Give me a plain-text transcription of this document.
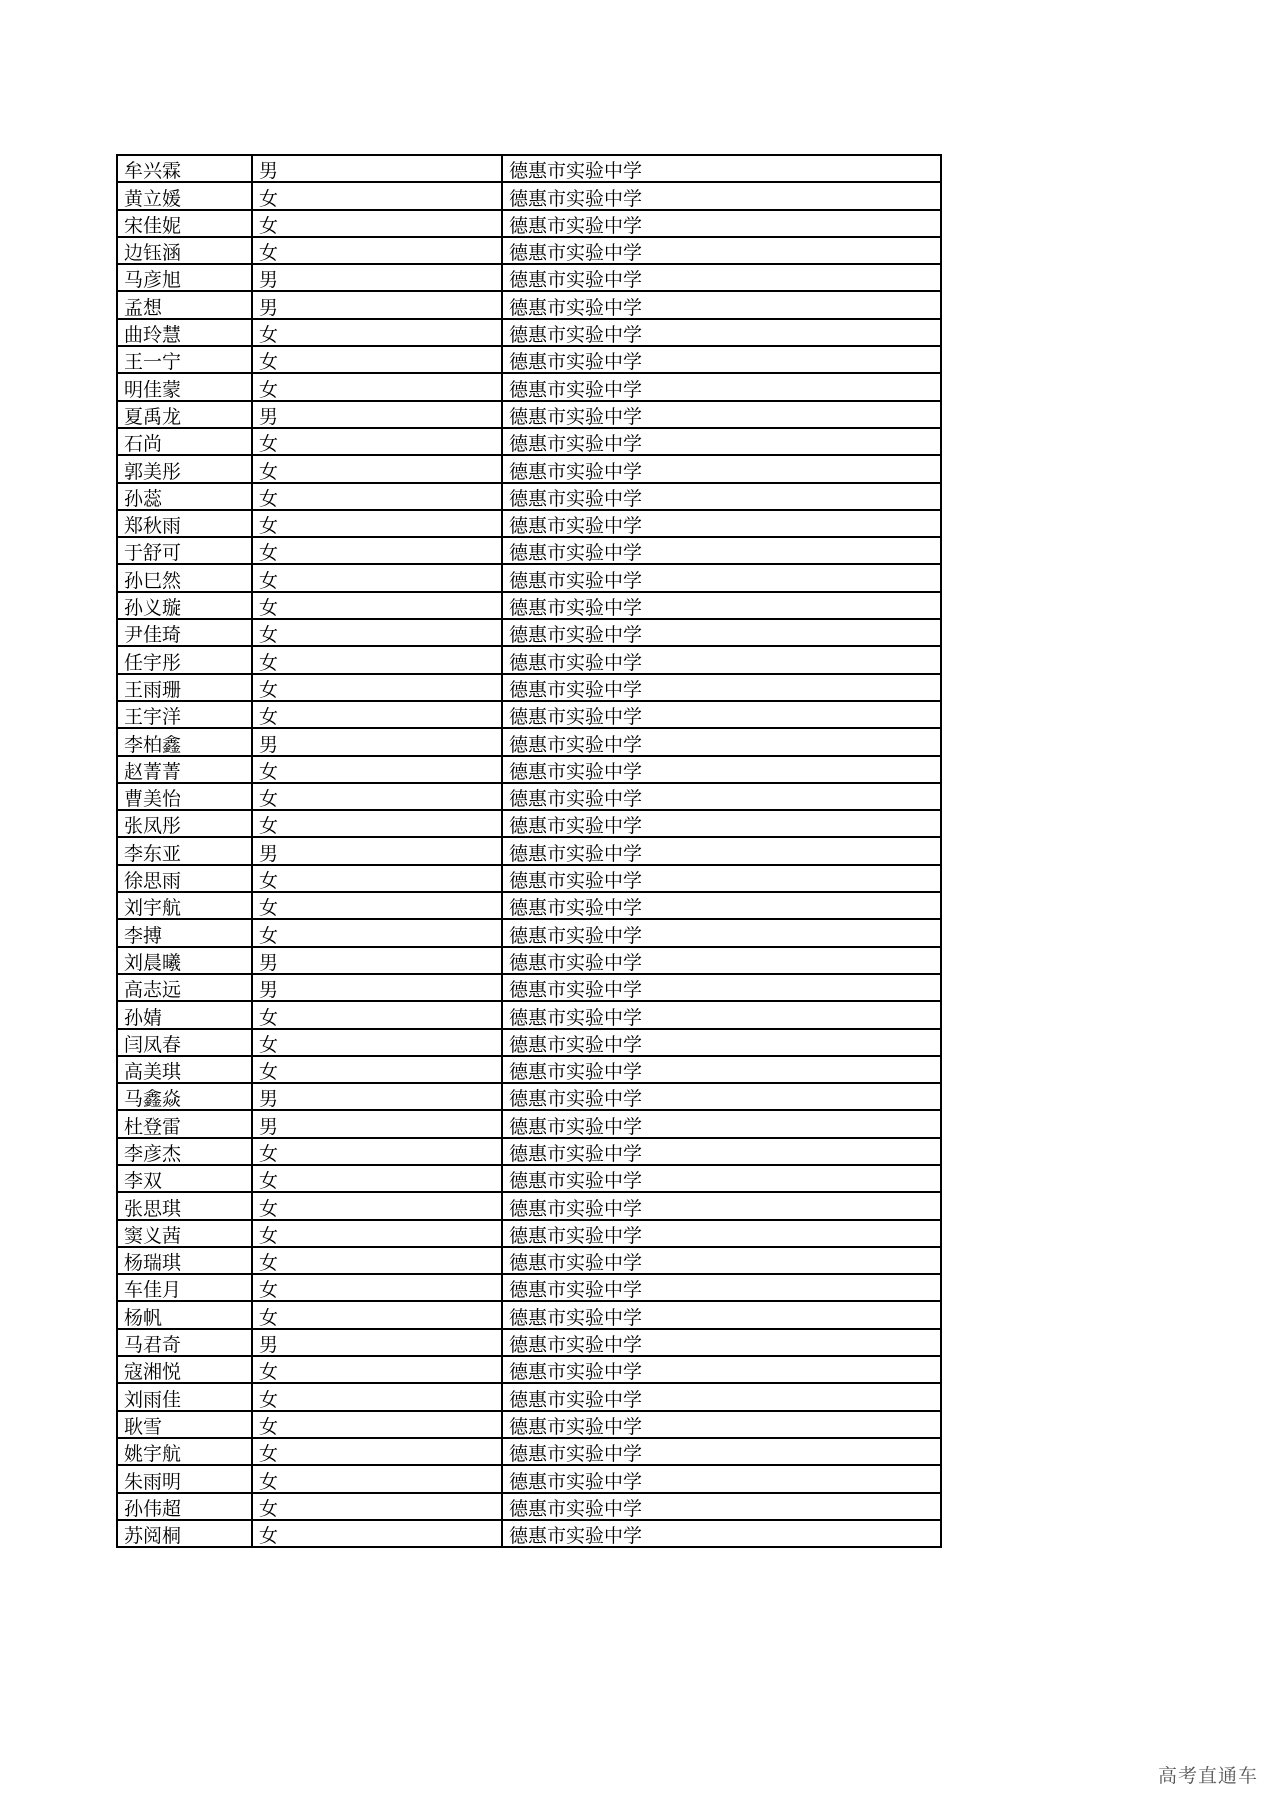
牟兴霖	男	德惠市实验中学
黄立媛	女	德惠市实验中学
宋佳妮	女	德惠市实验中学
边钰涵	女	德惠市实验中学
马彦旭	男	德惠市实验中学
孟想	男	德惠市实验中学
曲玲慧	女	德惠市实验中学
王一宁	女	德惠市实验中学
明佳蒙	女	德惠市实验中学
夏禹龙	男	德惠市实验中学
石尚	女	德惠市实验中学
郭美彤	女	德惠市实验中学
孙蕊	女	德惠市实验中学
郑秋雨	女	德惠市实验中学
于舒可	女	德惠市实验中学
孙巳然	女	德惠市实验中学
孙义璇	女	德惠市实验中学
尹佳琦	女	德惠市实验中学
任宇彤	女	德惠市实验中学
王雨珊	女	德惠市实验中学
王宇洋	女	德惠市实验中学
李柏鑫	男	德惠市实验中学
赵菁菁	女	德惠市实验中学
曹美怡	女	德惠市实验中学
张凤彤	女	德惠市实验中学
李东亚	男	德惠市实验中学
徐思雨	女	德惠市实验中学
刘宇航	女	德惠市实验中学
李搏	女	德惠市实验中学
刘晨曦	男	德惠市实验中学
高志远	男	德惠市实验中学
孙婧	女	德惠市实验中学
闫凤春	女	德惠市实验中学
高美琪	女	德惠市实验中学
马鑫焱	男	德惠市实验中学
杜登雷	男	德惠市实验中学
李彦杰	女	德惠市实验中学
李双	女	德惠市实验中学
张思琪	女	德惠市实验中学
窦义茜	女	德惠市实验中学
杨瑞琪	女	德惠市实验中学
车佳月	女	德惠市实验中学
杨帆	女	德惠市实验中学
马君奇	男	德惠市实验中学
寇湘悦	女	德惠市实验中学
刘雨佳	女	德惠市实验中学
耿雪	女	德惠市实验中学
姚宇航	女	德惠市实验中学
朱雨明	女	德惠市实验中学
孙伟超	女	德惠市实验中学
苏阅桐	女	德惠市实验中学
高考直通车
